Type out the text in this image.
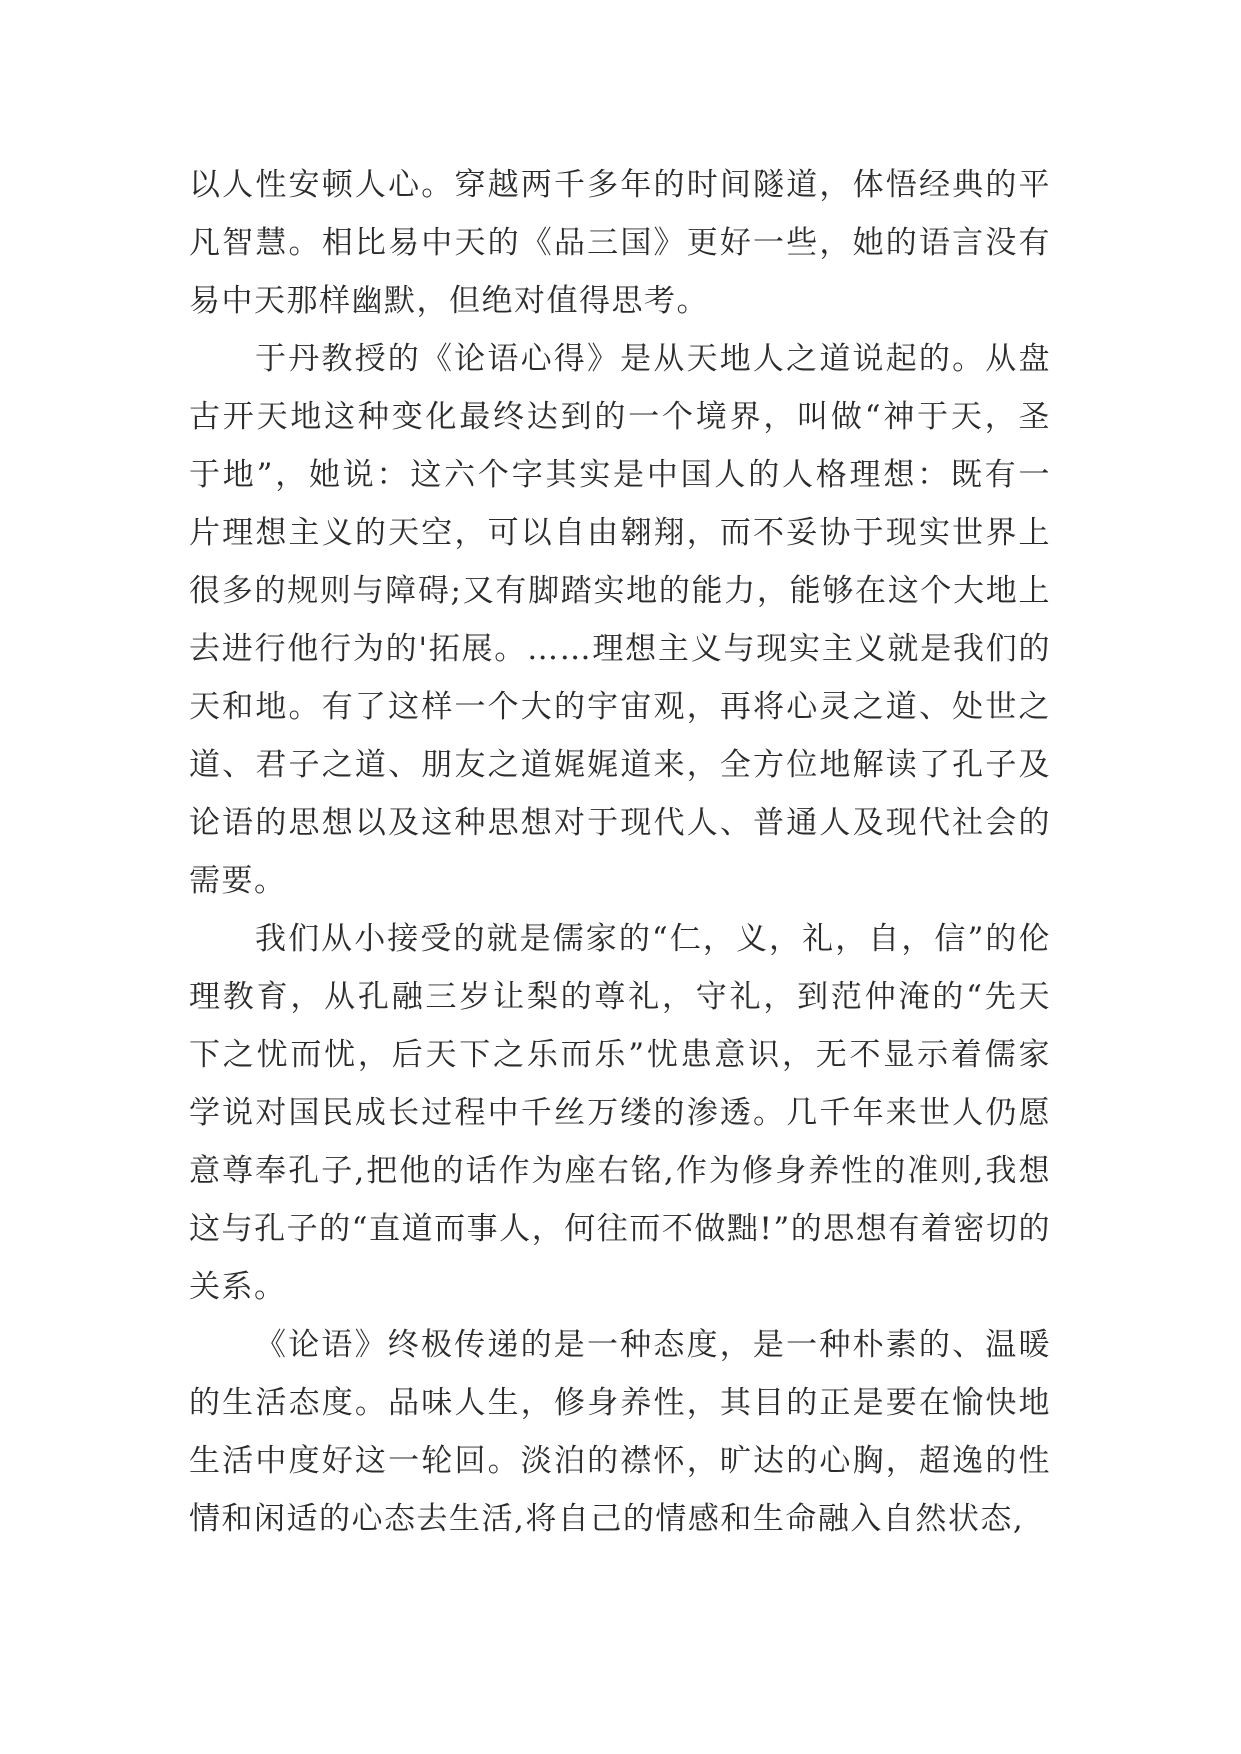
以人性安顿人心。穿越两千多年的时间隧道，体悟经典的平凡智慧。相比易中天的《品三国》更好一些，她的语言没有易中天那样幽默，但绝对值得思考。

于丹教授的《论语心得》是从天地人之道说起的。从盘古开天地这种变化最终达到的一个境界，叫做“神于天，圣于地”，她说：这六个字其实是中国人的人格理想：既有一片理想主义的天空，可以自由翱翔，而不妥协于现实世界上很多的规则与障碍;又有脚踏实地的能力，能够在这个大地上去进行他行为的'拓展。……理想主义与现实主义就是我们的天和地。有了这样一个大的宇宙观，再将心灵之道、处世之道、君子之道、朋友之道娓娓道来，全方位地解读了孔子及论语的思想以及这种思想对于现代人、普通人及现代社会的需要。

我们从小接受的就是儒家的“仁，义，礼，自，信”的伦理教育，从孔融三岁让梨的尊礼，守礼，到范仲淹的“先天下之忧而忧，后天下之乐而乐”忧患意识，无不显示着儒家学说对国民成长过程中千丝万缕的渗透。几千年来世人仍愿意尊奉孔子,把他的话作为座右铭,作为修身养性的准则,我想这与孔子的“直道而事人，何往而不做黜!”的思想有着密切的关系。

《论语》终极传递的是一种态度，是一种朴素的、温暖的生活态度。品味人生，修身养性，其目的正是要在愉快地生活中度好这一轮回。淡泊的襟怀，旷达的心胸，超逸的性情和闲适的心态去生活,将自己的情感和生命融入自然状态,
